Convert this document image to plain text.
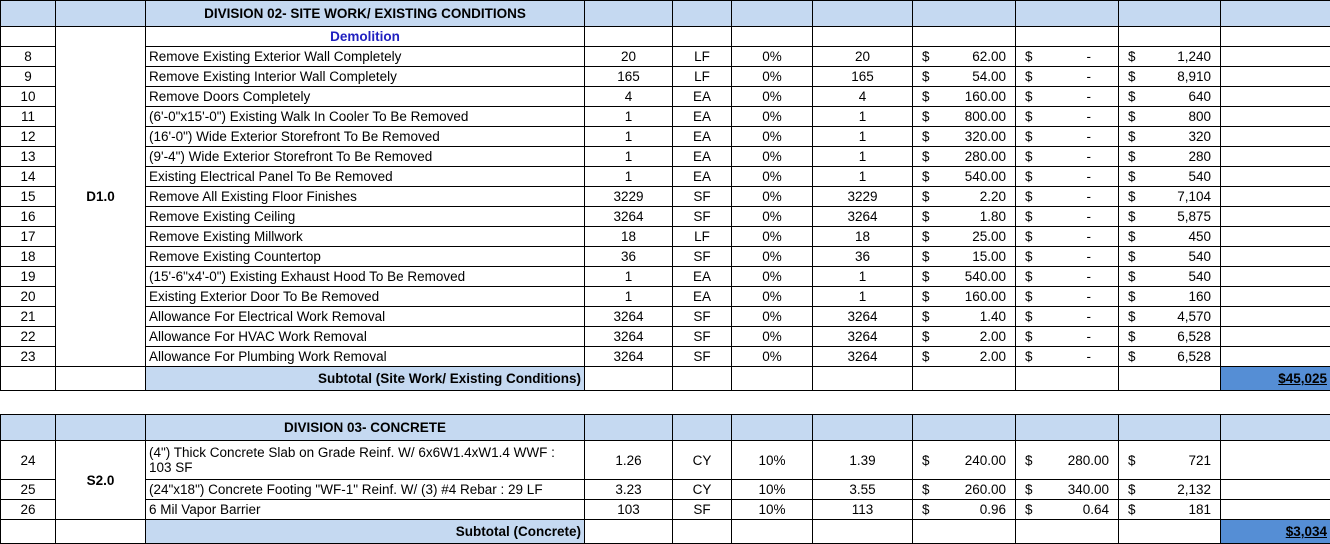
		DIVISION 02- SITE WORK/ EXISTING CONDITIONS								
	D1.0	Demolition								
8		Remove Existing Exterior Wall Completely	20	LF	0%	20	$ 62.00	$ -	$ 1,240	

9		Remove Existing Interior Wall Completely	165	LF	0%	165	$ 54.00	$ -	$ 8,910	

10		Remove Doors Completely	4	EA	0%	4	$ 160.00	$ -	$ 640	

11		(6'-0"x15'-0") Existing Walk In Cooler To Be Removed	1	EA	0%	1	$ 800.00	$ -	$ 800	

12		(16'-0") Wide Exterior Storefront To Be Removed	1	EA	0%	1	$ 320.00	$ -	$ 320	

13		(9'-4") Wide Exterior Storefront To Be Removed	1	EA	0%	1	$ 280.00	$ -	$ 280	

14		Existing Electrical Panel To Be Removed	1	EA	0%	1	$ 540.00	$ -	$ 540	

15		Remove All Existing Floor Finishes	3229	SF	0%	3229	$ 2.20	$ -	$ 7,104	

16		Remove Existing Ceiling	3264	SF	0%	3264	$ 1.80	$ -	$ 5,875	

17		Remove Existing Millwork	18	LF	0%	18	$ 25.00	$ -	$ 450	

18		Remove Existing Countertop	36	SF	0%	36	$ 15.00	$ -	$ 540	

19		(15'-6"x4'-0") Existing Exhaust Hood To Be Removed	1	EA	0%	1	$ 540.00	$ -	$ 540	

20		Existing Exterior Door To Be Removed	1	EA	0%	1	$ 160.00	$ -	$ 160	

21		Allowance For Electrical Work Removal	3264	SF	0%	3264	$ 1.40	$ -	$ 4,570	

22		Allowance For HVAC Work Removal	3264	SF	0%	3264	$ 2.00	$ -	$ 6,528	

23		Allowance For Plumbing Work Removal	3264	SF	0%	3264	$ 2.00	$ -	$ 6,528	

		Subtotal (Site Work/ Existing Conditions)								$45,025

		DIVISION 03- CONCRETE								
24	S2.0	(4") Thick Concrete Slab on Grade Reinf. W/ 6x6W1.4xW1.4 WWF : 103 SF	1.26	CY	10%	1.39	$ 240.00	$ 280.00	$ 721	

25		(24"x18") Concrete Footing "WF-1" Reinf. W/ (3) #4 Rebar : 29 LF	3.23	CY	10%	3.55	$ 260.00	$ 340.00	$ 2,132	

26		6 Mil Vapor Barrier	103	SF	10%	113	$ 0.96	$ 0.64	$ 181	

		Subtotal (Concrete)								$3,034
